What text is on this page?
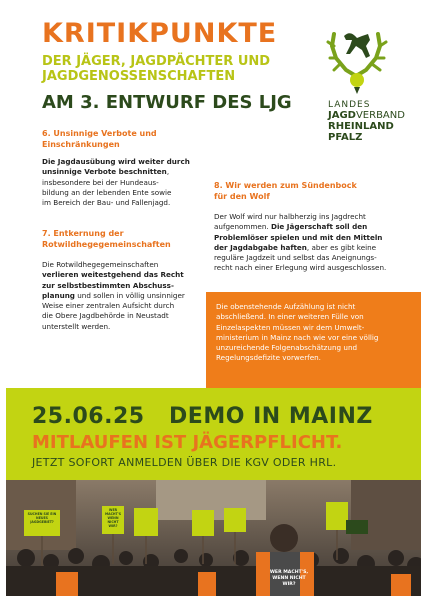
KRITIKPUNKTE
DER JÄGER, JAGDPÄCHTER UND
JAGDGENOSSENSCHAFTEN
AM 3. ENTWURF DES LJG	LANDES
JAGDVERBAND
RHEINLAND
PFALZ
6. Unsinnige Verbote und
Einschränkungen
Die Jagdausübung wird weiter durch
unsinnige Verbote beschnitten,
insbesondere bei der Hundeaus-
bildung an der lebenden Ente sowie
im Bereich der Bau- und Fallenjagd.
7. Entkernung der
Rotwildhegegemeinschaften
Die Rotwildhegegemeinschaften
verlieren weitestgehend das Recht
zur selbstbestimmten Abschuss-
planung und sollen in völlig unsinniger
Weise einer zentralen Aufsicht durch
die Obere Jagdbehörde in Neustadt
unterstellt werden.
8. Wir werden zum Sündenbock
für den Wolf
Der Wolf wird nur halbherzig ins Jagdrecht
aufgenommen. Die Jägerschaft soll den
Problemlöser spielen und mit den Mitteln
der Jagdabgabe haften, aber es gibt keine
reguläre Jagdzeit und selbst das Aneignungs-
recht nach einer Erlegung wird ausgeschlossen.
Die obenstehende Aufzählung ist nicht
abschließend. In einer weiteren Fülle von
Einzelaspekten müssen wir dem Umwelt-
ministerium in Mainz nach wie vor eine völlig
unzureichende Folgenabschätzung und
Regelungsdefizite vorwerfen.
25.06.25 DEMO IN MAINZ
MITLAUFEN IST JÄGERPFLICHT.
JETZT SOFORT ANMELDEN ÜBER DIE KGV ODER HRL.
WER MACHT'S,
WENN NICHT WIR?
WER MACHT'S WENN NICHT WIR?
SUCHEN SIE EIN NEUES JAGDGEBIET?
